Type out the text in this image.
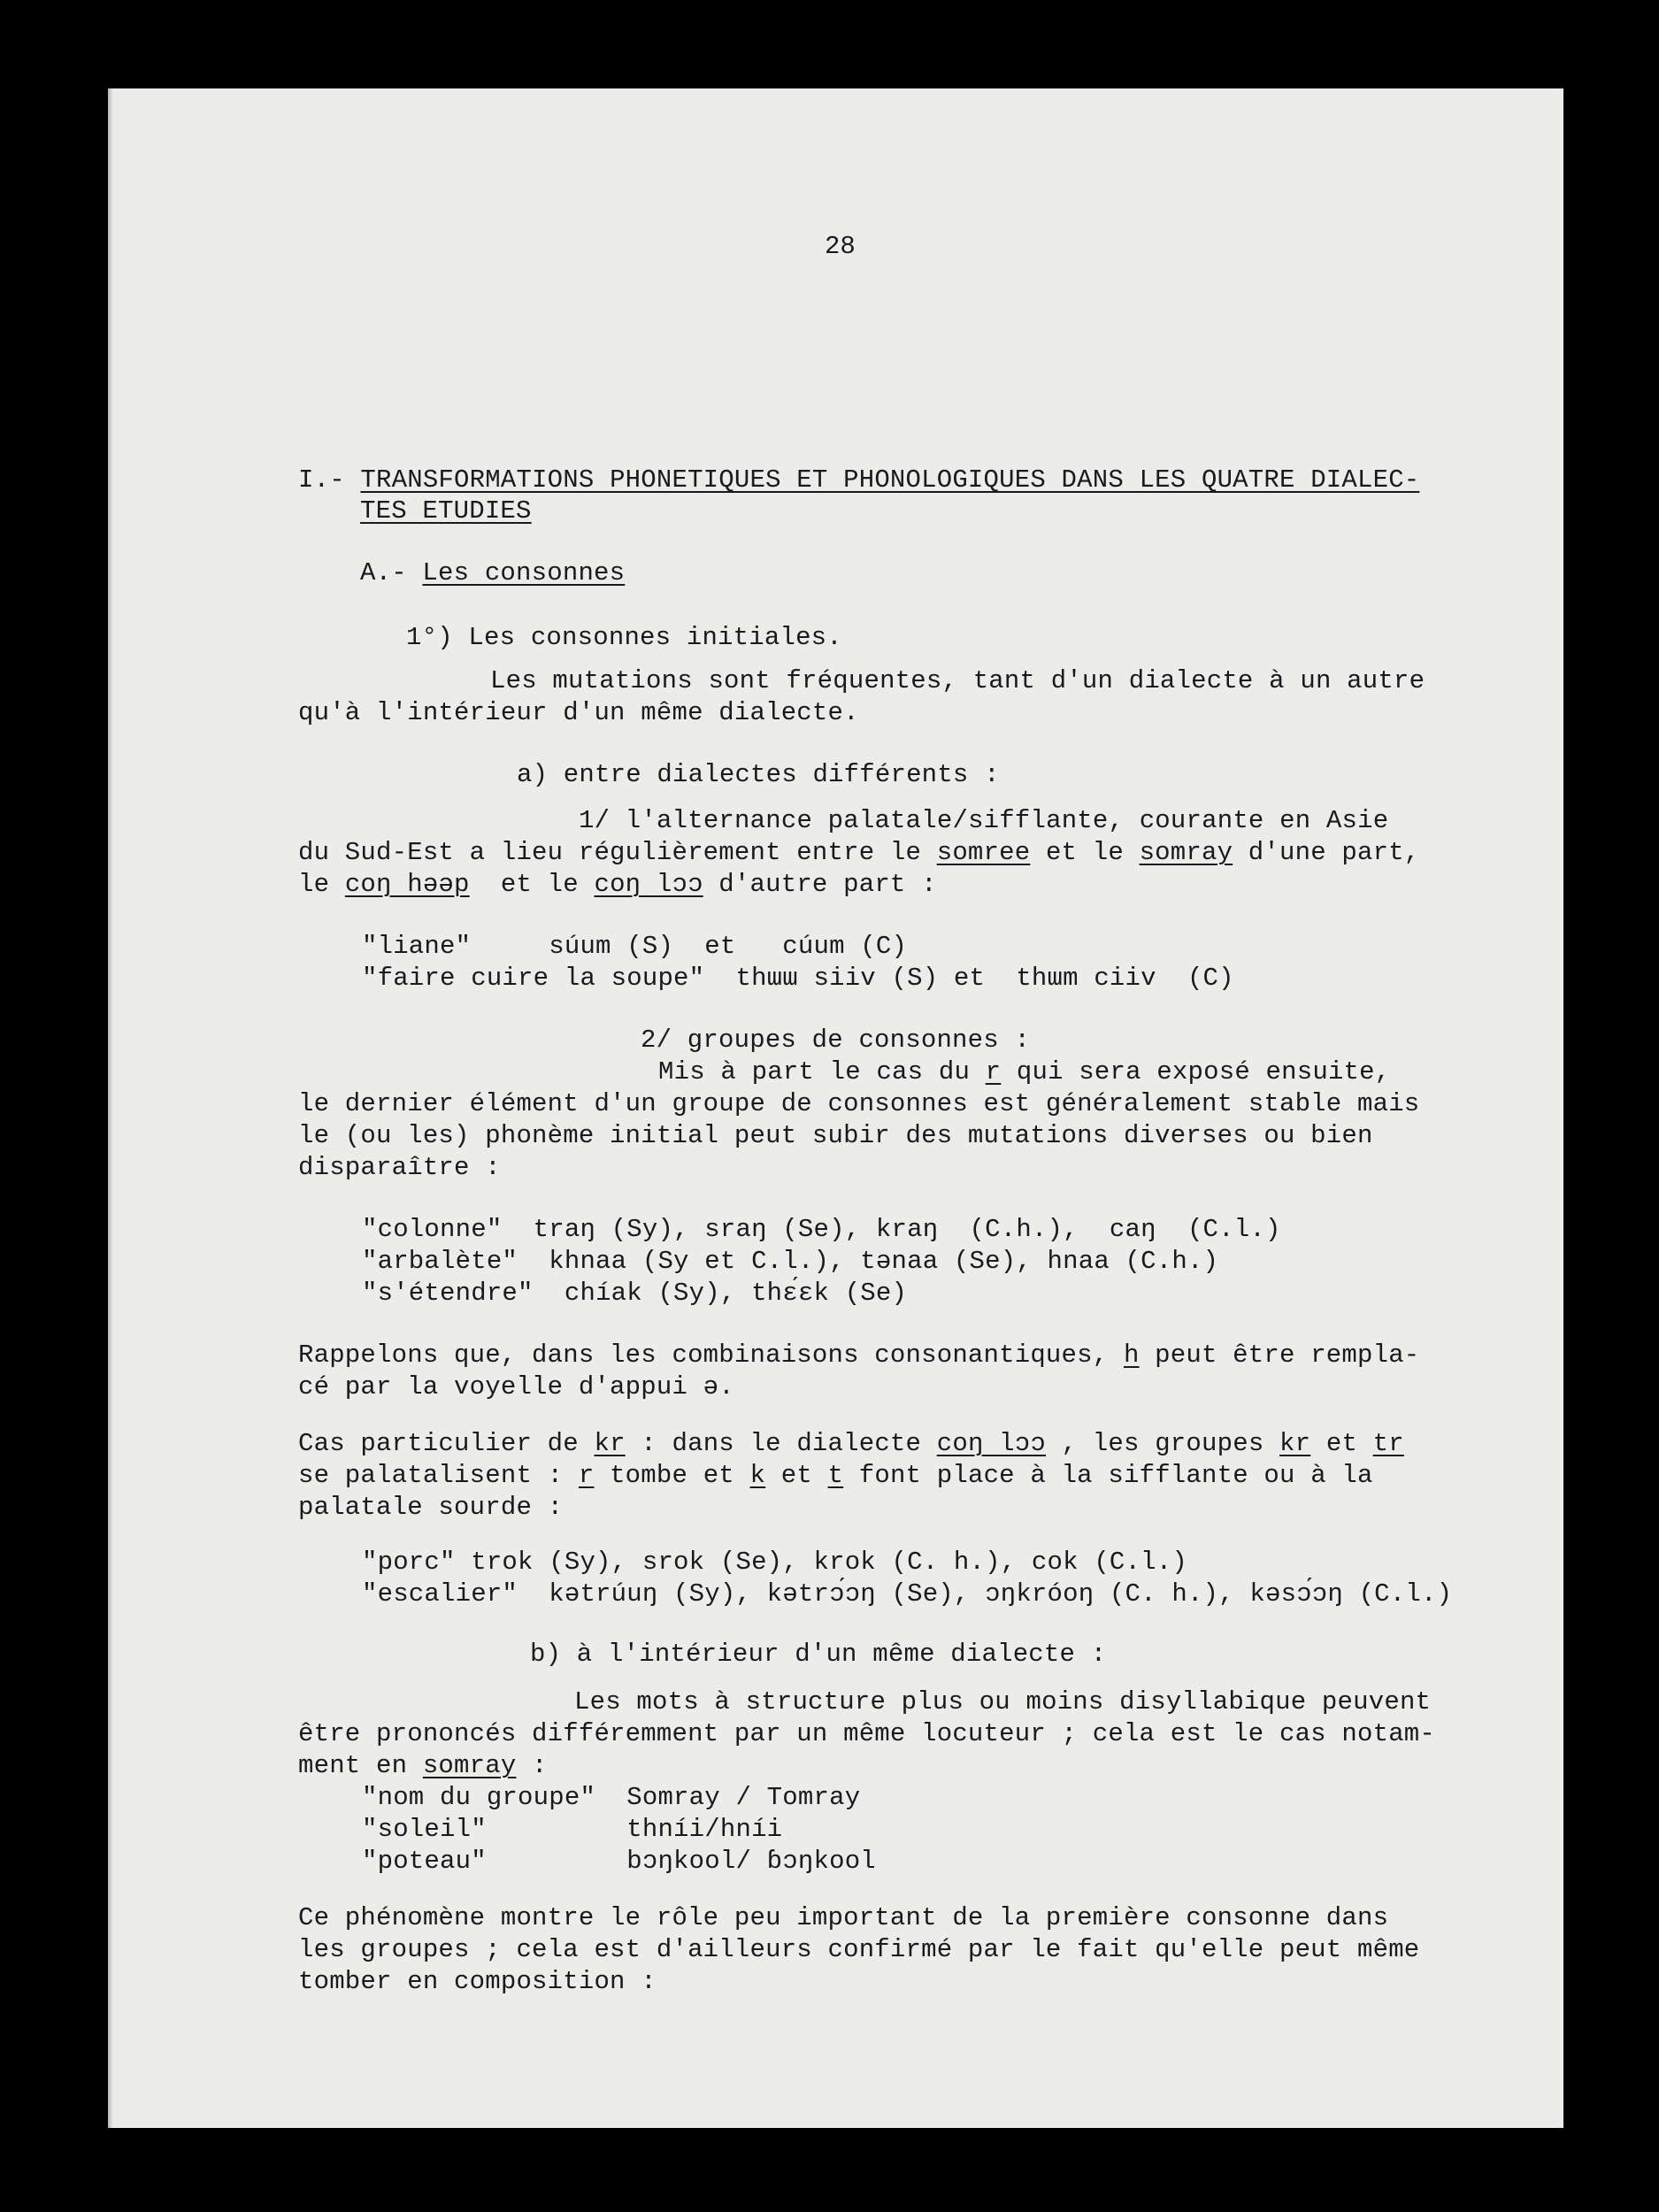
28
I.- TRANSFORMATIONS PHONETIQUES ET PHONOLOGIQUES DANS LES QUATRE DIALEC-
TES ETUDIES
A.- Les consonnes
1°) Les consonnes initiales.
Les mutations sont fréquentes, tant d'un dialecte à un autre
qu'à l'intérieur d'un même dialecte.
a) entre dialectes différents :
1/ l'alternance palatale/sifflante, courante en Asie
du Sud-Est a lieu régulièrement entre le somree et le somray d'une part,
le coŋ həəp  et le coŋ lɔɔ d'autre part :
"liane"     súum (S)  et   cúum (C)
"faire cuire la soupe"  thɯɯ siiv (S) et  thɯm ciiv  (C)
2/ groupes de consonnes :
Mis à part le cas du r qui sera exposé ensuite,
le dernier élément d'un groupe de consonnes est généralement stable mais
le (ou les) phonème initial peut subir des mutations diverses ou bien
disparaître :
"colonne"  traŋ (Sy), sraŋ (Se), kraŋ  (C.h.),  caŋ  (C.l.)
"arbalète"  khnaa (Sy et C.l.), tənaa (Se), hnaa (C.h.)
"s'étendre"  chíak (Sy), thɛ́ɛk (Se)
Rappelons que, dans les combinaisons consonantiques, h peut être rempla-
cé par la voyelle d'appui ə.
Cas particulier de kr : dans le dialecte coŋ lɔɔ , les groupes kr et tr
se palatalisent : r tombe et k et t font place à la sifflante ou à la
palatale sourde :
"porc" trok (Sy), srok (Se), krok (C. h.), cok (C.l.)
"escalier"  kətrúuŋ (Sy), kətrɔ́ɔŋ (Se), ɔŋkróoŋ (C. h.), kəsɔ́ɔŋ (C.l.)
b) à l'intérieur d'un même dialecte :
Les mots à structure plus ou moins disyllabique peuvent
être prononcés différemment par un même locuteur ; cela est le cas notam-
ment en somray :
"nom du groupe"  Somray / Tomray
"soleil"         thníi/hníi
"poteau"         bɔŋkool/ ɓɔŋkool
Ce phénomène montre le rôle peu important de la première consonne dans
les groupes ; cela est d'ailleurs confirmé par le fait qu'elle peut même
tomber en composition :
